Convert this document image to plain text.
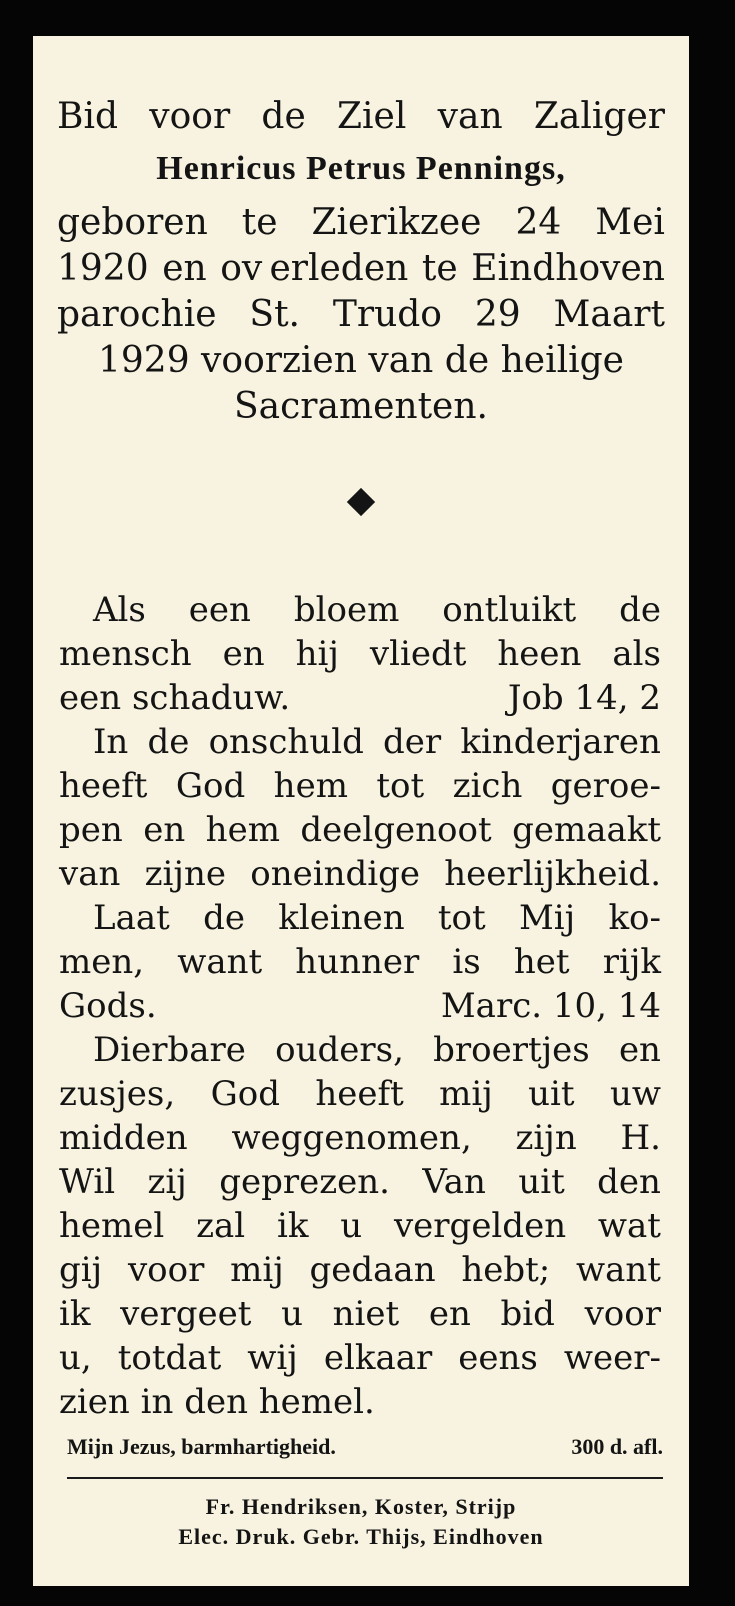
Bid voor de Ziel van Zaliger
Henricus Petrus Pennings,
geboren te Zierikzee 24 Mei
1920 en ov erleden te Eindhoven
parochie St. Trudo 29 Maart
1929 voorzien van de heilige
Sacramenten.
Als een bloem ontluikt de
mensch en hij vliedt heen als
een schaduw.	Job 14, 2
In de onschuld der kinderjaren
heeft God hem tot zich geroe-
pen en hem deelgenoot gemaakt
van zijne oneindige heerlijkheid.
Laat de kleinen tot Mij ko-
men, want hunner is het rijk
Gods.	Marc. 10, 14
Dierbare ouders, broertjes en
zusjes, God heeft mij uit uw
midden weggenomen, zijn H.
Wil zij geprezen. Van uit den
hemel zal ik u vergelden wat
gij voor mij gedaan hebt; want
ik vergeet u niet en bid voor
u, totdat wij elkaar eens weer-
zien in den hemel.
Mijn Jezus, barmhartigheid.	300 d. afl.
Fr. Hendriksen, Koster, Strijp
Elec. Druk. Gebr. Thijs, Eindhoven
